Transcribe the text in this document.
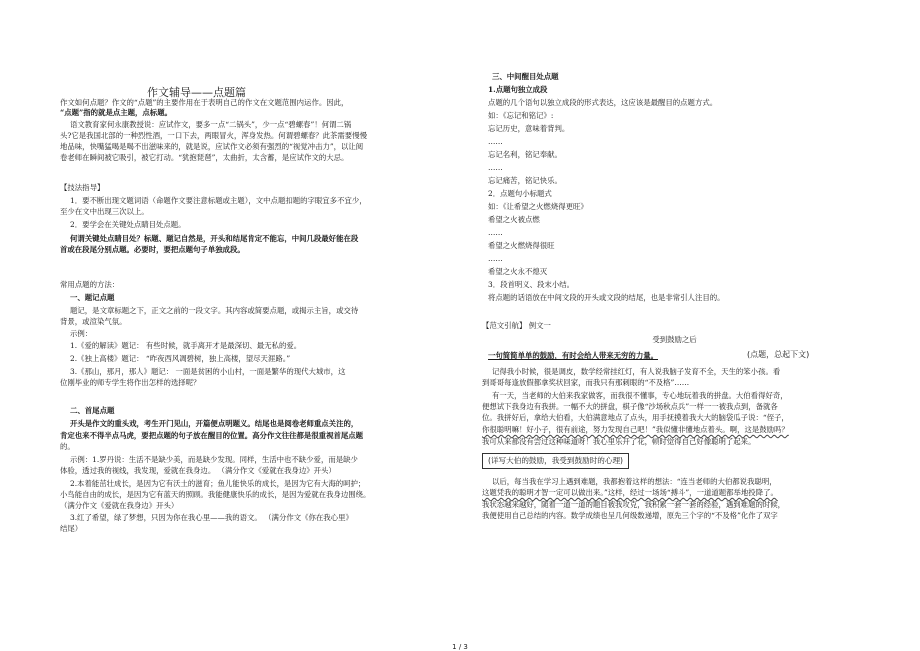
作文辅导——点题篇
作文如何点题？作文的“点题”的主要作用在于表明自己的作文在文题范围内运作。因此，
“点题”指的就是点主题，点标题。
语文教育家何永康教授说：应试作文，要多一点“二锅头”，少一点“碧螺春”！何谓二锅
头?它是我国北部的一种烈性酒，一口下去，两眼冒火，浑身发热。何谓碧螺春？此茶需要慢慢
地品味，快嘴猛喝是喝不出滋味来的，就是说，应试作文必须有强烈的“视觉冲击力”，以让阅
卷老师在瞬间被它吸引，被它打动。“犹抱琵琶”，太曲折，太含蓄，是应试作文的大忌。
【技法指导】
1．要不断出现文题词语（命题作文要注意标题或主题），文中点题扣题的字眼宜多不宜少，
至少在文中出现三次以上。
2．要学会在关键处点睛目处点题。
何谓关键处点睛目处？标题、题记自然是，开头和结尾肯定不能忘，中间几段最好能在段
首或在段尾分别点题。必要时，要把点题句子单独成段。
常用点题的方法：
一、题记点题
题记，是文章标题之下，正文之前的一段文字。其内容或简要点题，或揭示主旨，或交待
背景，或渲染气氛。
示例：
1.《爱的解读》题记： 有些时候，就手离开才是最深切、最无私的爱。
2.《独上高楼》题记： “昨夜西风凋碧树，独上高楼，望尽天涯路。”
3.《那山，那月，那人》题记： 一面是贫困的小山村，一面是繁华的现代大城市，这
位刚毕业的师专学生将作出怎样的选择呢？
二、首尾点题
开头是作文的重头戏，考生开门见山，开篇便点明题义。结尾也是阅卷老师重点关注的，
肯定也来不得半点马虎，要把点题的句子放在醒目的位置。高分作文往往都是很重视首尾点题
的。
示例：1.罗丹说：生活不是缺少美，而是缺少发现。同样，生活中也不缺少爱，而是缺少
体验，透过我的视线，我发现，爱就在我身边。 （满分作文《爱就在我身边》开头）
2.本着能茁壮成长，是因为它有沃土的滋育；鱼儿能快乐的成长，是因为它有大海的呵护；
小鸟能自由的成长，是因为它有蓝天的照顾。我能健康快乐的成长，是因为爱就在我身边围绕。
（满分作文《爱就在我身边》开头）
3.红了希望，绿了梦想，只因为你在我心里——我的语文。 （满分作文《你在我心里》
结尾）
三、中间醒目处点题
1.点题句独立成段
点题的几个语句以独立成段的形式表达，这应该是最醒目的点题方式。
如：《忘记和铭记》:
忘记历史，意味着背判。
……
忘记名利，铭记奉献。
……
忘记痛苦，铭记快乐。
2．点题句小标题式
如：《让希望之火燃烧得更旺》
希望之火被点燃
……
希望之火燃烧得很旺
……
希望之火永不熄灭
3．段首明义、段末小结。
将点题的话语放在中间文段的开头或文段的结尾，也是非常引人注目的。
【范文引航】 例文一
受到鼓励之后
一句简简单单的鼓励，有时会给人带来无穷的力量。	(点题，总起下文)
记得我小时候，很是调皮，数学经常挂红灯，有人说我脑子发育不全，天生的笨小孩。看
到哥哥每逢放假都拿奖状回家，而我只有那刺眼的“不及格”……
有一天，当老师的大伯来我家做客，而我很不懂事，专心地玩着我的拼盘。大伯看得好奇，
便想试下我身边有我拼。一幅不大的拼盘，棋子像“沙场秋点兵”一样一一被我点到，备就各
位。我拼好后，拿给大伯看，大伯满意地点了点头，用手抚摸着我大大的脑袋瓜子说：“侄子，
你很聪明嘛！好小子，很有前途，努力发现自己吧！”我似懂非懂地点着头。啊，这是鼓励吗？
我可从来都没有尝过这种味道呀！我心里乐开了花，顿时觉得自己好像聪明了起来。
(详写大伯的鼓励，我受到鼓励时的心理)
以后，每当我在学习上遇到难题，我都抱着这样的想法：“连当老师的大伯都说我聪明，
这题凭我的聪明才智一定可以做出来。”这样，经过一场场“搏斗”，一道道题都举地投降了。
我状态越来越好，随着一道一道的题目被我攻克，我积累一套一套的经验，遇到难题的时候，
我便使用自己总结的内容。数学成绩也呈几何级数递增，原先三个字的“不及格”化作了双字
1 / 3
